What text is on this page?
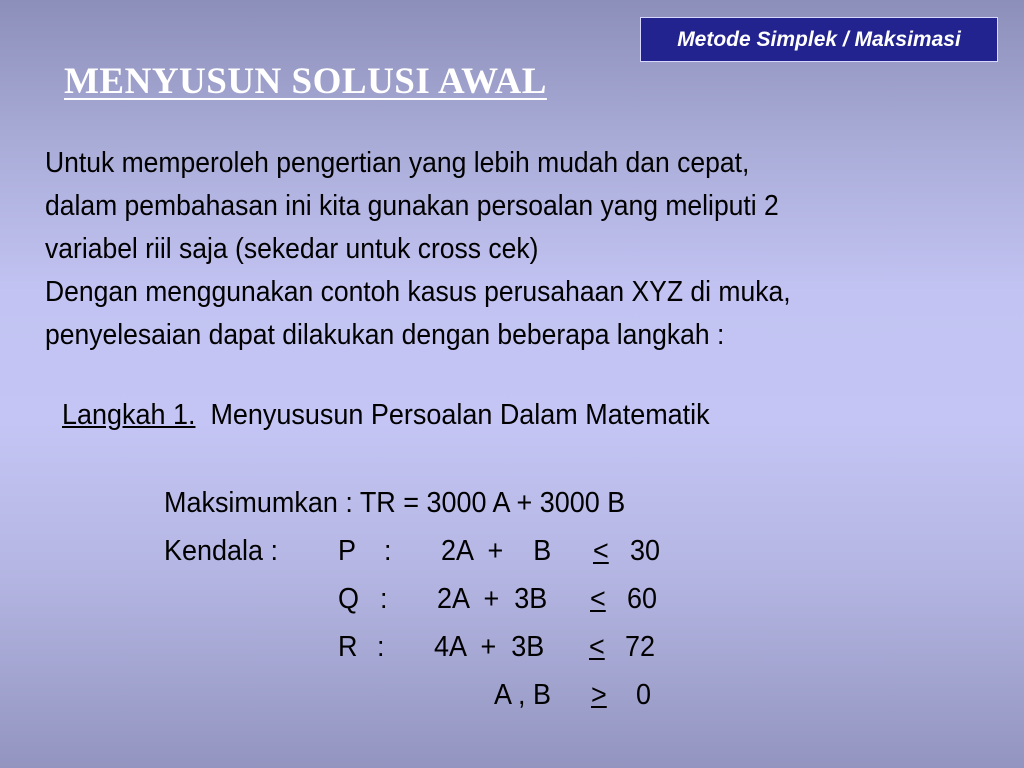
Metode Simplek / Maksimasi
MENYUSUN SOLUSI AWAL
Untuk memperoleh pengertian yang lebih mudah dan cepat,
dalam pembahasan ini kita gunakan persoalan yang meliputi 2
variabel riil saja (sekedar untuk cross cek)
Dengan menggunakan contoh kasus perusahaan XYZ di muka,
penyelesaian dapat dilakukan dengan beberapa langkah :
Langkah 1. Menyususun Persoalan Dalam Matematik
Maksimumkan : TR = 3000 A + 3000 B
Kendala : P : 2A  +    B < 30
Q : 2A  +  3B < 60
R : 4A  +  3B < 72
A , B > 0
